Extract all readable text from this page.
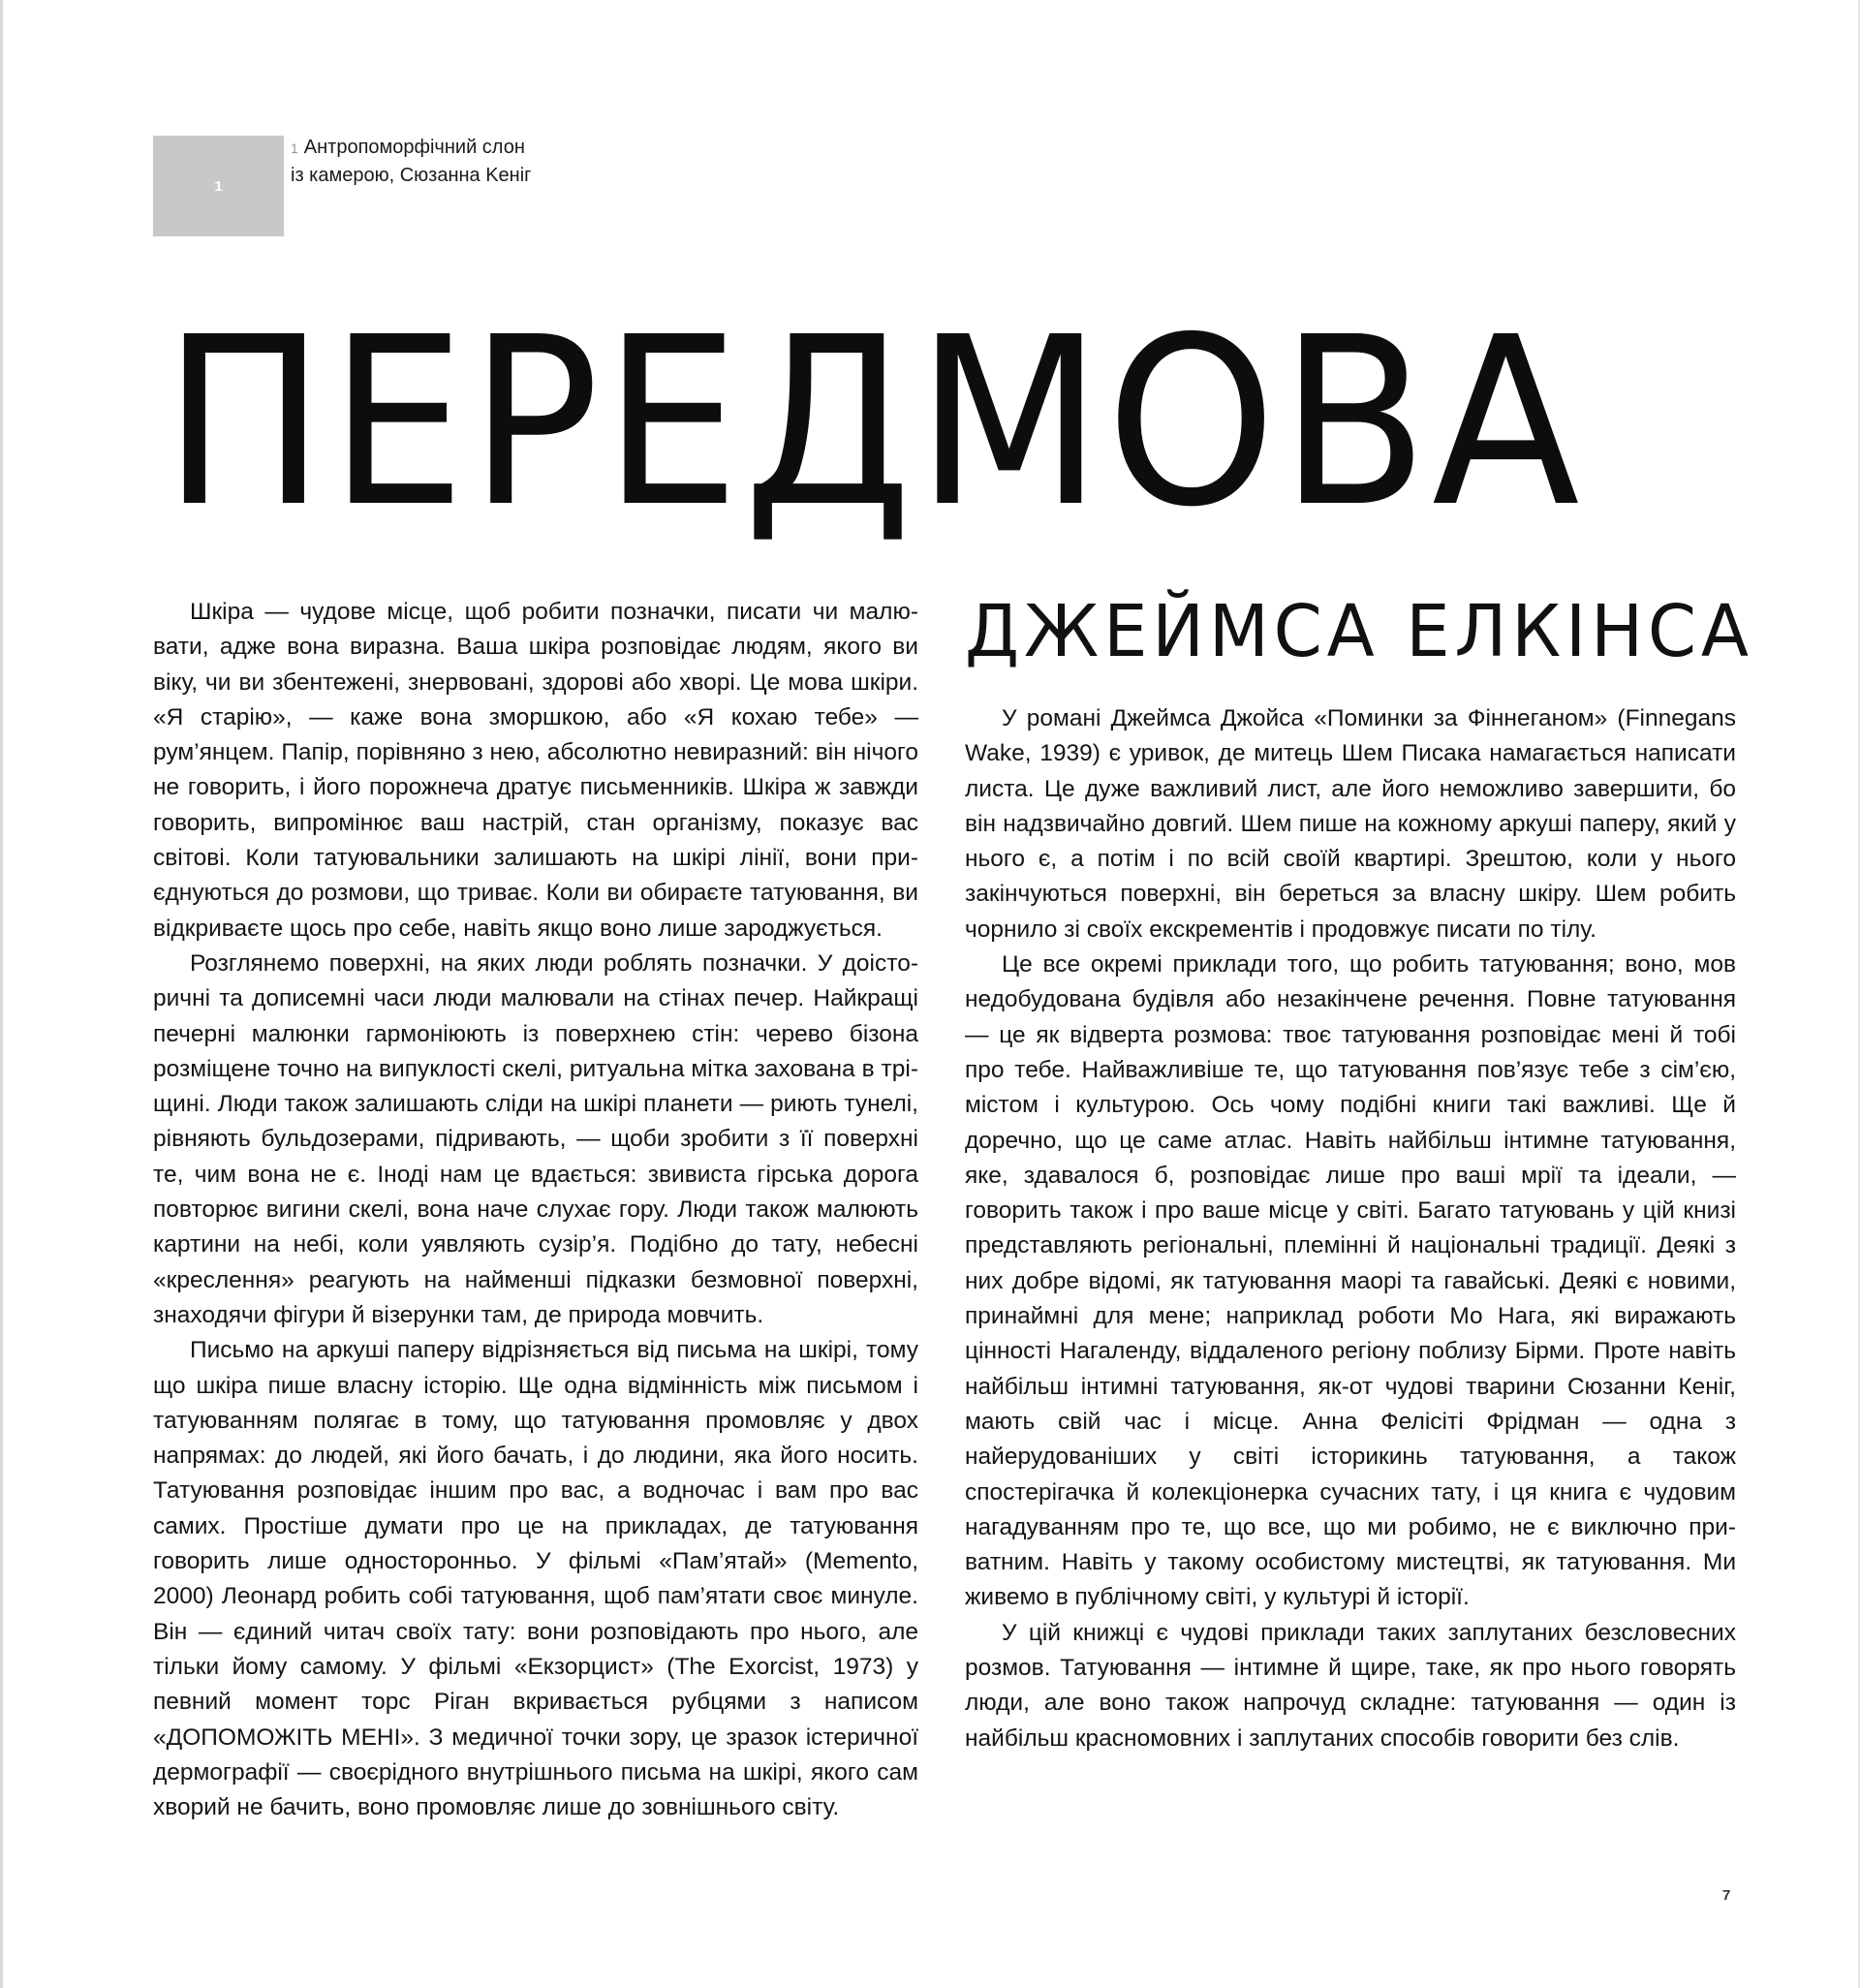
1
1 Антропоморфічний слон із камерою, Сюзанна Keніг
ПЕРЕДМОВА
ДЖЕЙМСА ЕЛКІНСА

Шкіра — чудове місце, щоб робити позначки, писати чи малювати, адже вона виразна. Ваша шкіра розповідає людям, якого ви віку, чи ви збентежені, знервовані, здорові або хворі. Це мова шкіри. «Я старію», — каже вона зморшкою, або «Я кохаю тебе» — рум’янцем. Папір, порівняно з нею, абсолютно невиразний: він нічого не говорить, і його порожнеча дратує письменників. Шкіра ж завжди говорить, випромінює ваш настрій, стан організму, показує вас світові. Коли татуювальники залишають на шкірі лінії, вони приєднуються до розмови, що триває. Коли ви обираєте татуювання, ви відкриваєте щось про себе, навіть якщо воно лише зароджується.

Розглянемо поверхні, на яких люди роблять позначки. У доісторичні та дописемні часи люди малювали на стінах печер. Найкращі печерні малюнки гармоніюють із поверхнею стін: черево бізона розміщене точно на випуклості скелі, ритуальна мітка захована в тріщині. Люди також залишають сліди на шкірі планети — риють тунелі, рівняють бульдозерами, підривають, — щоби зробити з її поверхні те, чим вона не є. Іноді нам це вдається: звивиста гірська дорога повторює вигини скелі, вона наче слухає гору. Люди також малюють картини на небі, коли уявляють сузір’я. Подібно до тату, небесні «креслення» реагують на найменші підказки безмовної поверхні, знаходячи фігури й візерунки там, де природа мовчить.

Письмо на аркуші паперу відрізняється від письма на шкірі, тому що шкіра пише власну історію. Ще одна відмінність між письмом і татуюванням полягає в тому, що татуювання промовляє у двох напрямах: до людей, які його бачать, і до людини, яка його носить. Татуювання розповідає іншим про вас, а водночас і вам про вас самих. Простіше думати про це на прикладах, де татуювання говорить лише односторонньо. У фільмі «Пам’ятай» (Memento, 2000) Леонард робить собі татуювання, щоб пам’ятати своє минуле. Він — єдиний читач своїх тату: вони розповідають про нього, але тільки йому самому. У фільмі «Екзорцист» (The Exorcist, 1973) у певний момент торс Ріган вкривається рубцями з написом «ДОПОМОЖІТЬ МЕНІ». З медичної точки зору, це зразок істеричної дермографії — своєрідного внутрішнього письма на шкірі, якого сам хворий не бачить, воно промовляє лише до зовнішнього світу.

У романі Джеймса Джойса «Поминки за Фіннеганом» (Finnegans Wake, 1939) є уривок, де митець Шем Писака намагається написати листа. Це дуже важливий лист, але його неможливо завершити, бо він надзвичайно довгий. Шем пише на кожному аркуші паперу, який у нього є, а потім і по всій своїй квартирі. Зрештою, коли у нього закінчуються поверхні, він береться за власну шкіру. Шем робить чорнило зі своїх екскрементів і продовжує писати по тілу.

Це все окремі приклади того, що робить татуювання; воно, мов недобудована будівля або незакінчене речення. Повне татуювання — це як відверта розмова: твоє татуювання розповідає мені й тобі про тебе. Найважливіше те, що татуювання пов’язує тебе з сім’єю, містом і культурою. Ось чому подібні книги такі важливі. Ще й доречно, що це саме атлас. Навіть найбільш інтимне татуювання, яке, здавалося б, розповідає лише про ваші мрії та ідеали, — говорить також і про ваше місце у світі. Багато татуювань у цій книзі представляють регіональні, племінні й національні традиції. Деякі з них добре відомі, як татуювання маорі та гавайські. Деякі є новими, принаймні для мене; наприклад роботи Мо Нага, які виражають цінності Нагаленду, віддаленого регіону поблизу Бірми. Проте навіть найбільш інтимні татуювання, як-от чудові тварини Сюзанни Кеніг, мають свій час і місце. Анна Фелісіті Фрідман — одна з найерудованіших у світі історикинь татуювання, а також спостерігачка й колекціонерка сучасних тату, і ця книга є чудовим нагадуванням про те, що все, що ми робимо, не є виключно приватним. Навіть у такому особистому мистецтві, як татуювання. Ми живемо в публічному світі, у культурі й історії.

У цій книжці є чудові приклади таких заплутаних безсловесних розмов. Татуювання — інтимне й щире, таке, як про нього говорять люди, але воно також напрочуд складне: татуювання — один із найбільш красномовних і заплутаних способів говорити без слів.

7
